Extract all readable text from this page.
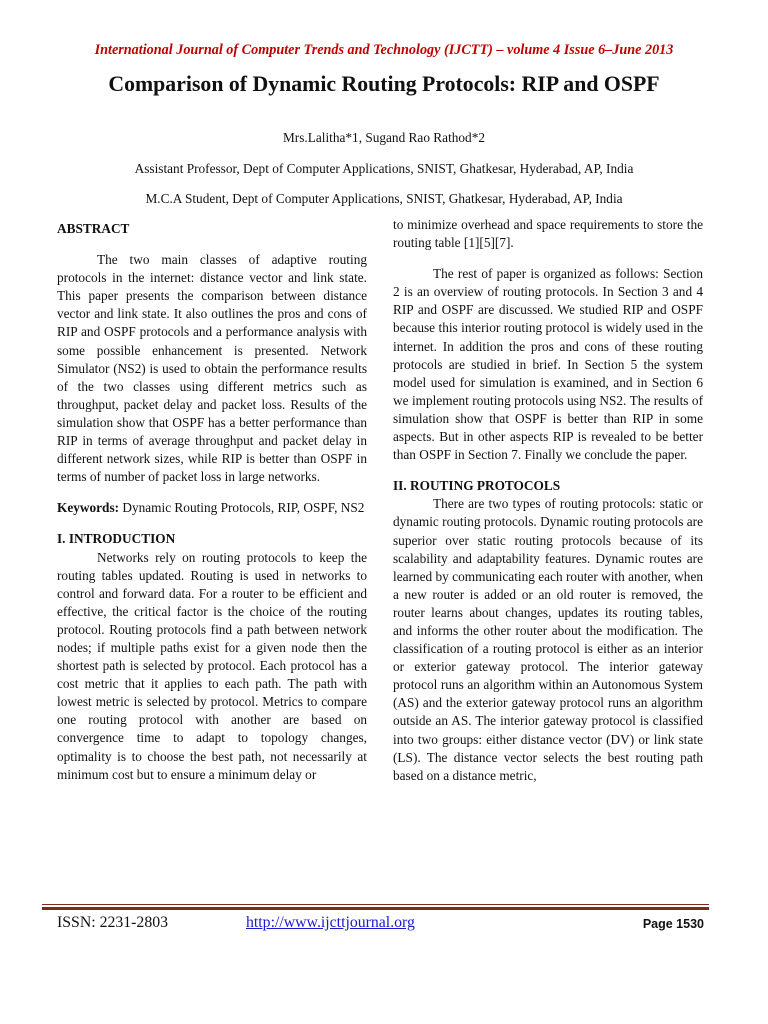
International Journal of Computer Trends and Technology (IJCTT) – volume 4 Issue 6–June 2013
Comparison of Dynamic Routing Protocols: RIP and OSPF
Mrs.Lalitha*1, Sugand Rao Rathod*2
Assistant Professor, Dept of Computer Applications, SNIST, Ghatkesar, Hyderabad, AP, India
M.C.A Student, Dept of Computer Applications, SNIST, Ghatkesar, Hyderabad, AP, India

ABSTRACT

The two main classes of adaptive routing protocols in the internet: distance vector and link state. This paper presents the comparison between distance vector and link state. It also outlines the pros and cons of RIP and OSPF protocols and a performance analysis with some possible enhancement is presented. Network Simulator (NS2) is used to obtain the performance results of the two classes using different metrics such as throughput, packet delay and packet loss. Results of the simulation show that OSPF has a better performance than RIP in terms of average throughput and packet delay in different network sizes, while RIP is better than OSPF in terms of number of packet loss in large networks.

Keywords: Dynamic Routing Protocols, RIP, OSPF, NS2

I. INTRODUCTION

Networks rely on routing protocols to keep the routing tables updated. Routing is used in networks to control and forward data. For a router to be efficient and effective, the critical factor is the choice of the routing protocol. Routing protocols find a path between network nodes; if multiple paths exist for a given node then the shortest path is selected by protocol. Each protocol has a cost metric that it applies to each path. The path with lowest metric is selected by protocol. Metrics to compare one routing protocol with another are based on convergence time to adapt to topology changes, optimality is to choose the best path, not necessarily at minimum cost but to ensure a minimum delay or

to minimize overhead and space requirements to store the routing table [1][5][7].

The rest of paper is organized as follows: Section 2 is an overview of routing protocols. In Section 3 and 4 RIP and OSPF are discussed. We studied RIP and OSPF because this interior routing protocol is widely used in the internet. In addition the pros and cons of these routing protocols are studied in brief. In Section 5 the system model used for simulation is examined, and in Section 6 we implement routing protocols using NS2. The results of simulation show that OSPF is better than RIP in some aspects. But in other aspects RIP is revealed to be better than OSPF in Section 7. Finally we conclude the paper.

II. ROUTING PROTOCOLS

There are two types of routing protocols: static or dynamic routing protocols. Dynamic routing protocols are superior over static routing protocols because of its scalability and adaptability features. Dynamic routes are learned by communicating each router with another, when a new router is added or an old router is removed, the router learns about changes, updates its routing tables, and informs the other router about the modification. The classification of a routing protocol is either as an interior or exterior gateway protocol. The interior gateway protocol runs an algorithm within an Autonomous System (AS) and the exterior gateway protocol runs an algorithm outside an AS. The interior gateway protocol is classified into two groups: either distance vector (DV) or link state (LS). The distance vector selects the best routing path based on a distance metric,

ISSN: 2231-2803	http://www.ijcttjournal.org	Page 1530
